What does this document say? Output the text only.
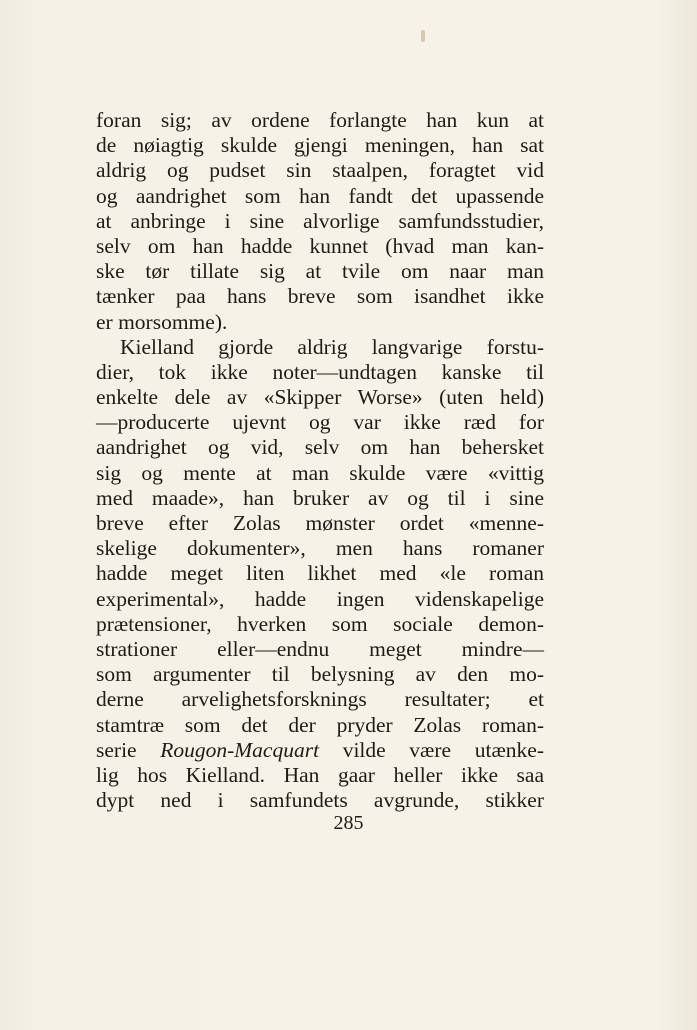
foran sig; av ordene forlangte han kun at
de nøiagtig skulde gjengi meningen, han sat
aldrig og pudset sin staalpen, foragtet vid
og aandrighet som han fandt det upassende
at anbringe i sine alvorlige samfundsstudier,
selv om han hadde kunnet (hvad man kan-
ske tør tillate sig at tvile om naar man
tænker paa hans breve som isandhet ikke
er morsomme).
Kielland gjorde aldrig langvarige forstu-
dier, tok ikke noter—undtagen kanske til
enkelte dele av «Skipper Worse» (uten held)
—producerte ujevnt og var ikke ræd for
aandrighet og vid, selv om han behersket
sig og mente at man skulde være «vittig
med maade», han bruker av og til i sine
breve efter Zolas mønster ordet «menne-
skelige dokumenter», men hans romaner
hadde meget liten likhet med «le roman
experimental», hadde ingen videnskapelige
prætensioner, hverken som sociale demon-
strationer eller—endnu meget mindre—
som argumenter til belysning av den mo-
derne arvelighetsforsknings resultater; et
stamtræ som det der pryder Zolas roman-
serie Rougon-Macquart vilde være utænke-
lig hos Kielland. Han gaar heller ikke saa
dypt ned i samfundets avgrunde, stikker
285
